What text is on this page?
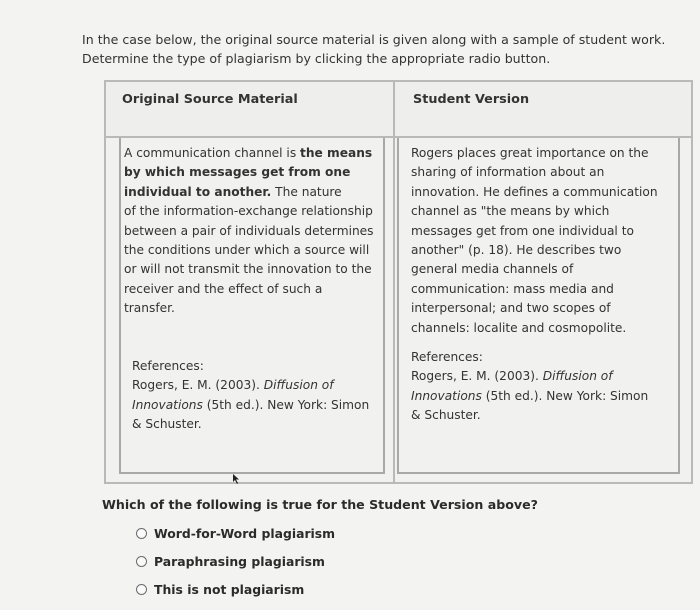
In the case below, the original source material is given along with a sample of student work.
Determine the type of plagiarism by clicking the appropriate radio button.
Original Source Material	Student Version
A communication channel is the means
by which messages get from one
individual to another. The nature
of the information-exchange relationship
between a pair of individuals determines
the conditions under which a source will
or will not transmit the innovation to the
receiver and the effect of such a
transfer.
References:
Rogers, E. M. (2003). Diffusion of
Innovations (5th ed.). New York: Simon
& Schuster.
Rogers places great importance on the
sharing of information about an
innovation. He defines a communication
channel as "the means by which
messages get from one individual to
another" (p. 18). He describes two
general media channels of
communication: mass media and
interpersonal; and two scopes of
channels: localite and cosmopolite.
References:
Rogers, E. M. (2003). Diffusion of
Innovations (5th ed.). New York: Simon
& Schuster.
Which of the following is true for the Student Version above?
Word-for-Word plagiarism
Paraphrasing plagiarism
This is not plagiarism
